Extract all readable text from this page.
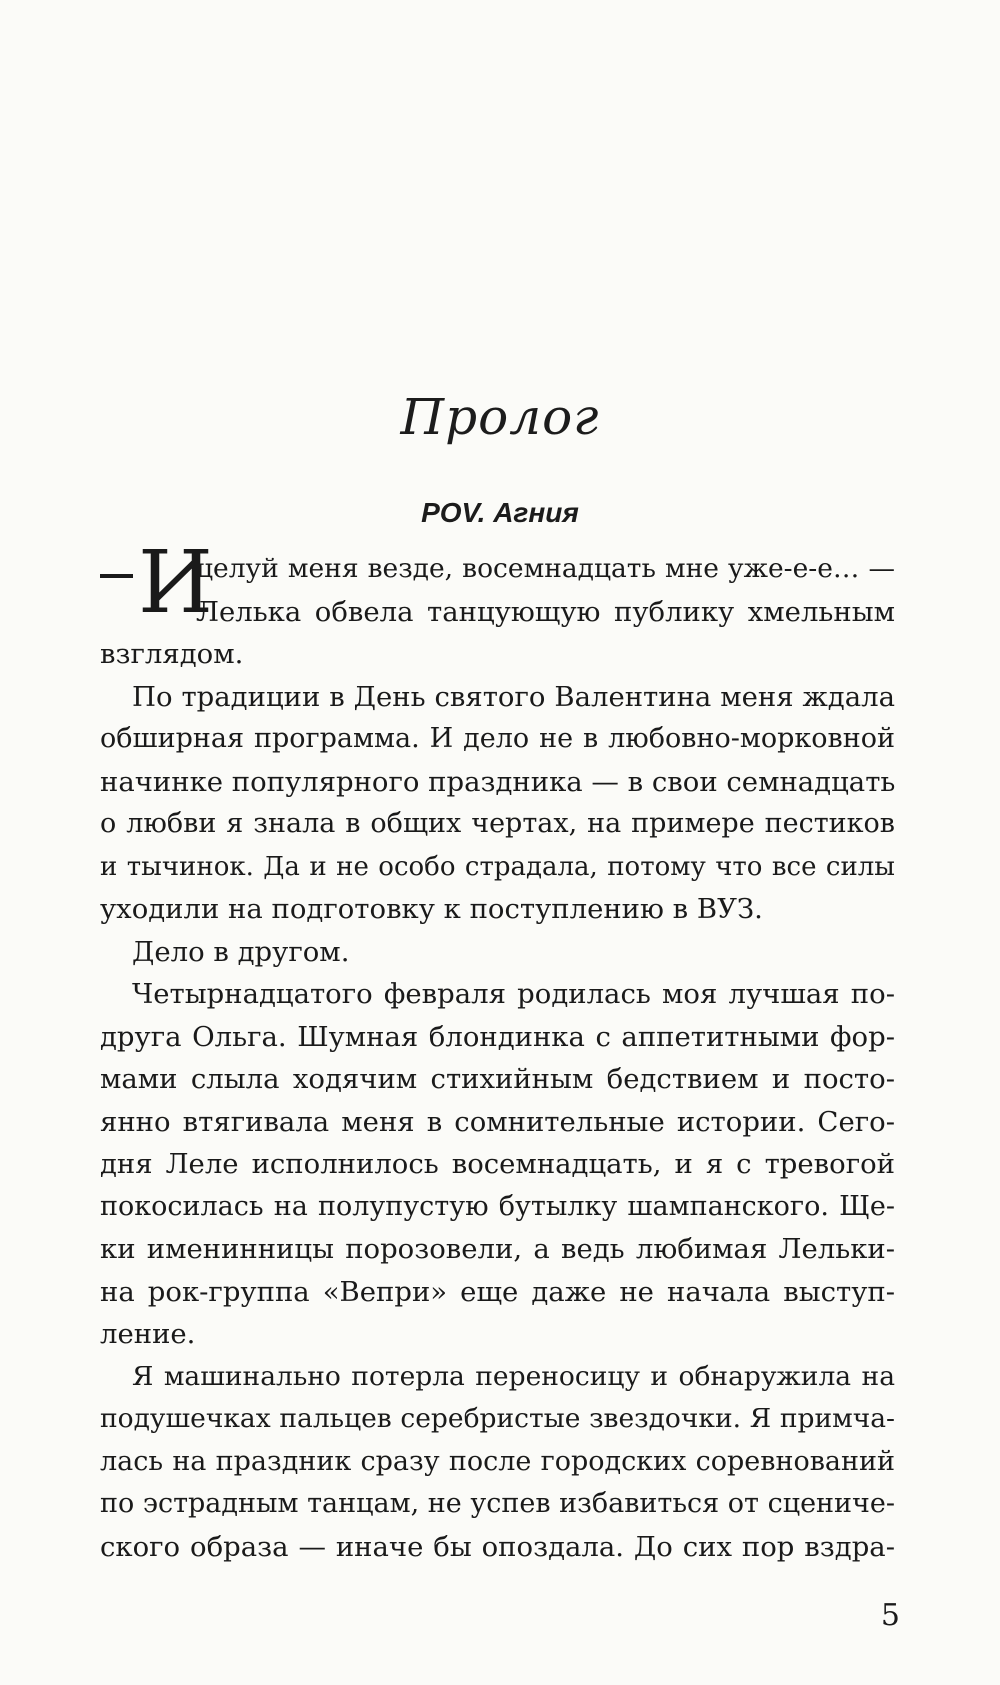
Пролог
POV. Агния
И
целуй меня везде, восемнадцать мне уже-е-е… —
Лелька обвела танцующую публику хмельным
взглядом.
По традиции в День святого Валентина меня ждала
обширная программа. И дело не в любовно-морковной
начинке популярного праздника — в свои семнадцать
о любви я знала в общих чертах, на примере пестиков
и тычинок. Да и не особо страдала, потому что все силы
уходили на подготовку к поступлению в ВУЗ.
Дело в другом.
Четырнадцатого февраля родилась моя лучшая по-
друга Ольга. Шумная блондинка с аппетитными фор-
мами слыла ходячим стихийным бедствием и посто-
янно втягивала меня в сомнительные истории. Сего-
дня Леле исполнилось восемнадцать, и я с тревогой
покосилась на полупустую бутылку шампанского. Ще-
ки именинницы порозовели, а ведь любимая Лельки-
на рок-группа «Вепри» еще даже не начала выступ-
ление.
Я машинально потерла переносицу и обнаружила на
подушечках пальцев серебристые звездочки. Я примча-
лась на праздник сразу после городских соревнований
по эстрадным танцам, не успев избавиться от сцениче-
ского образа — иначе бы опоздала. До сих пор вздра-
5
